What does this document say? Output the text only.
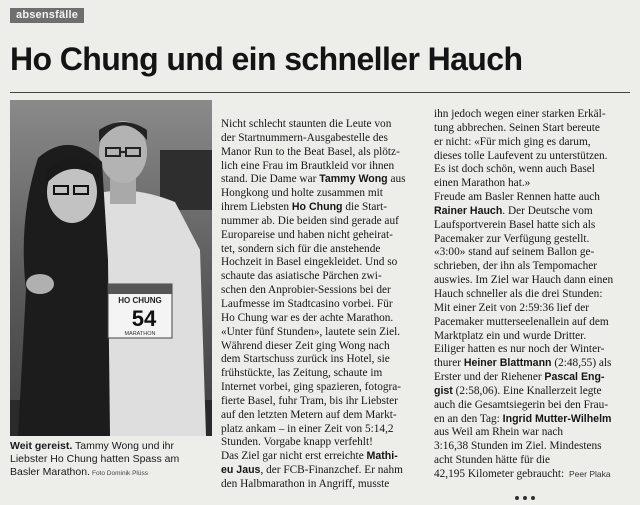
absensfälle
Ho Chung und ein schneller Hauch
HO CHUNG
54
MARATHON
Weit gereist. Tammy Wong und ihr
Liebster Ho Chung hatten Spass am
Basler Marathon. Foto Dominik Plüss

Nicht schlecht staunten die Leute von

der Startnummern-Ausgabestelle des

Manor Run to the Beat Basel, als plötz-

lich eine Frau im Brautkleid vor ihnen

stand. Die Dame war Tammy Wong aus

Hongkong und holte zusammen mit

ihrem Liebsten Ho Chung die Start-

nummer ab. Die beiden sind gerade auf

Europareise und haben nicht geheirat-

tet, sondern sich für die anstehende

Hochzeit in Basel eingekleidet. Und so

schaute das asiatische Pärchen zwi-

schen den Anprobier-Sessions bei der

Laufmesse im Stadtcasino vorbei. Für

Ho Chung war es der achte Marathon.

«Unter fünf Stunden», lautete sein Ziel.

Während dieser Zeit ging Wong nach

dem Startschuss zurück ins Hotel, sie

frühstückte, las Zeitung, schaute im

Internet vorbei, ging spazieren, fotogra-

fierte Basel, fuhr Tram, bis ihr Liebster

auf den letzten Metern auf dem Markt-

platz ankam – in einer Zeit von 5:14,2

Stunden. Vorgabe knapp verfehlt!

Das Ziel gar nicht erst erreichte Mathi-

eu Jaus, der FCB-Finanzchef. Er nahm

den Halbmarathon in Angriff, musste

ihn jedoch wegen einer starken Erkäl-

tung abbrechen. Seinen Start bereute

er nicht: «Für mich ging es darum,

dieses tolle Laufevent zu unterstützen.

Es ist doch schön, wenn auch Basel

einen Marathon hat.»

Freude am Basler Rennen hatte auch

Rainer Hauch. Der Deutsche vom

Laufsportverein Basel hatte sich als

Pacemaker zur Verfügung gestellt.

«3:00» stand auf seinem Ballon ge-

schrieben, der ihn als Tempomacher

auswies. Im Ziel war Hauch dann einen

Hauch schneller als die drei Stunden:

Mit einer Zeit von 2:59:36 lief der

Pacemaker mutterseelenallein auf dem

Marktplatz ein und wurde Dritter.

Eiliger hatten es nur noch der Winter-

thurer Heiner Blattmann (2:48,55) als

Erster und der Riehener Pascal Eng-

gist (2:58,06). Eine Knallerzeit legte

auch die Gesamtsiegerin bei den Frau-

en an den Tag: Ingrid Mutter-Wilhelm

aus Weil am Rhein war nach

3:16,38 Stunden im Ziel. Mindestens

acht Stunden hätte für die

42,195 Kilometer gebraucht: Peer Plaka
